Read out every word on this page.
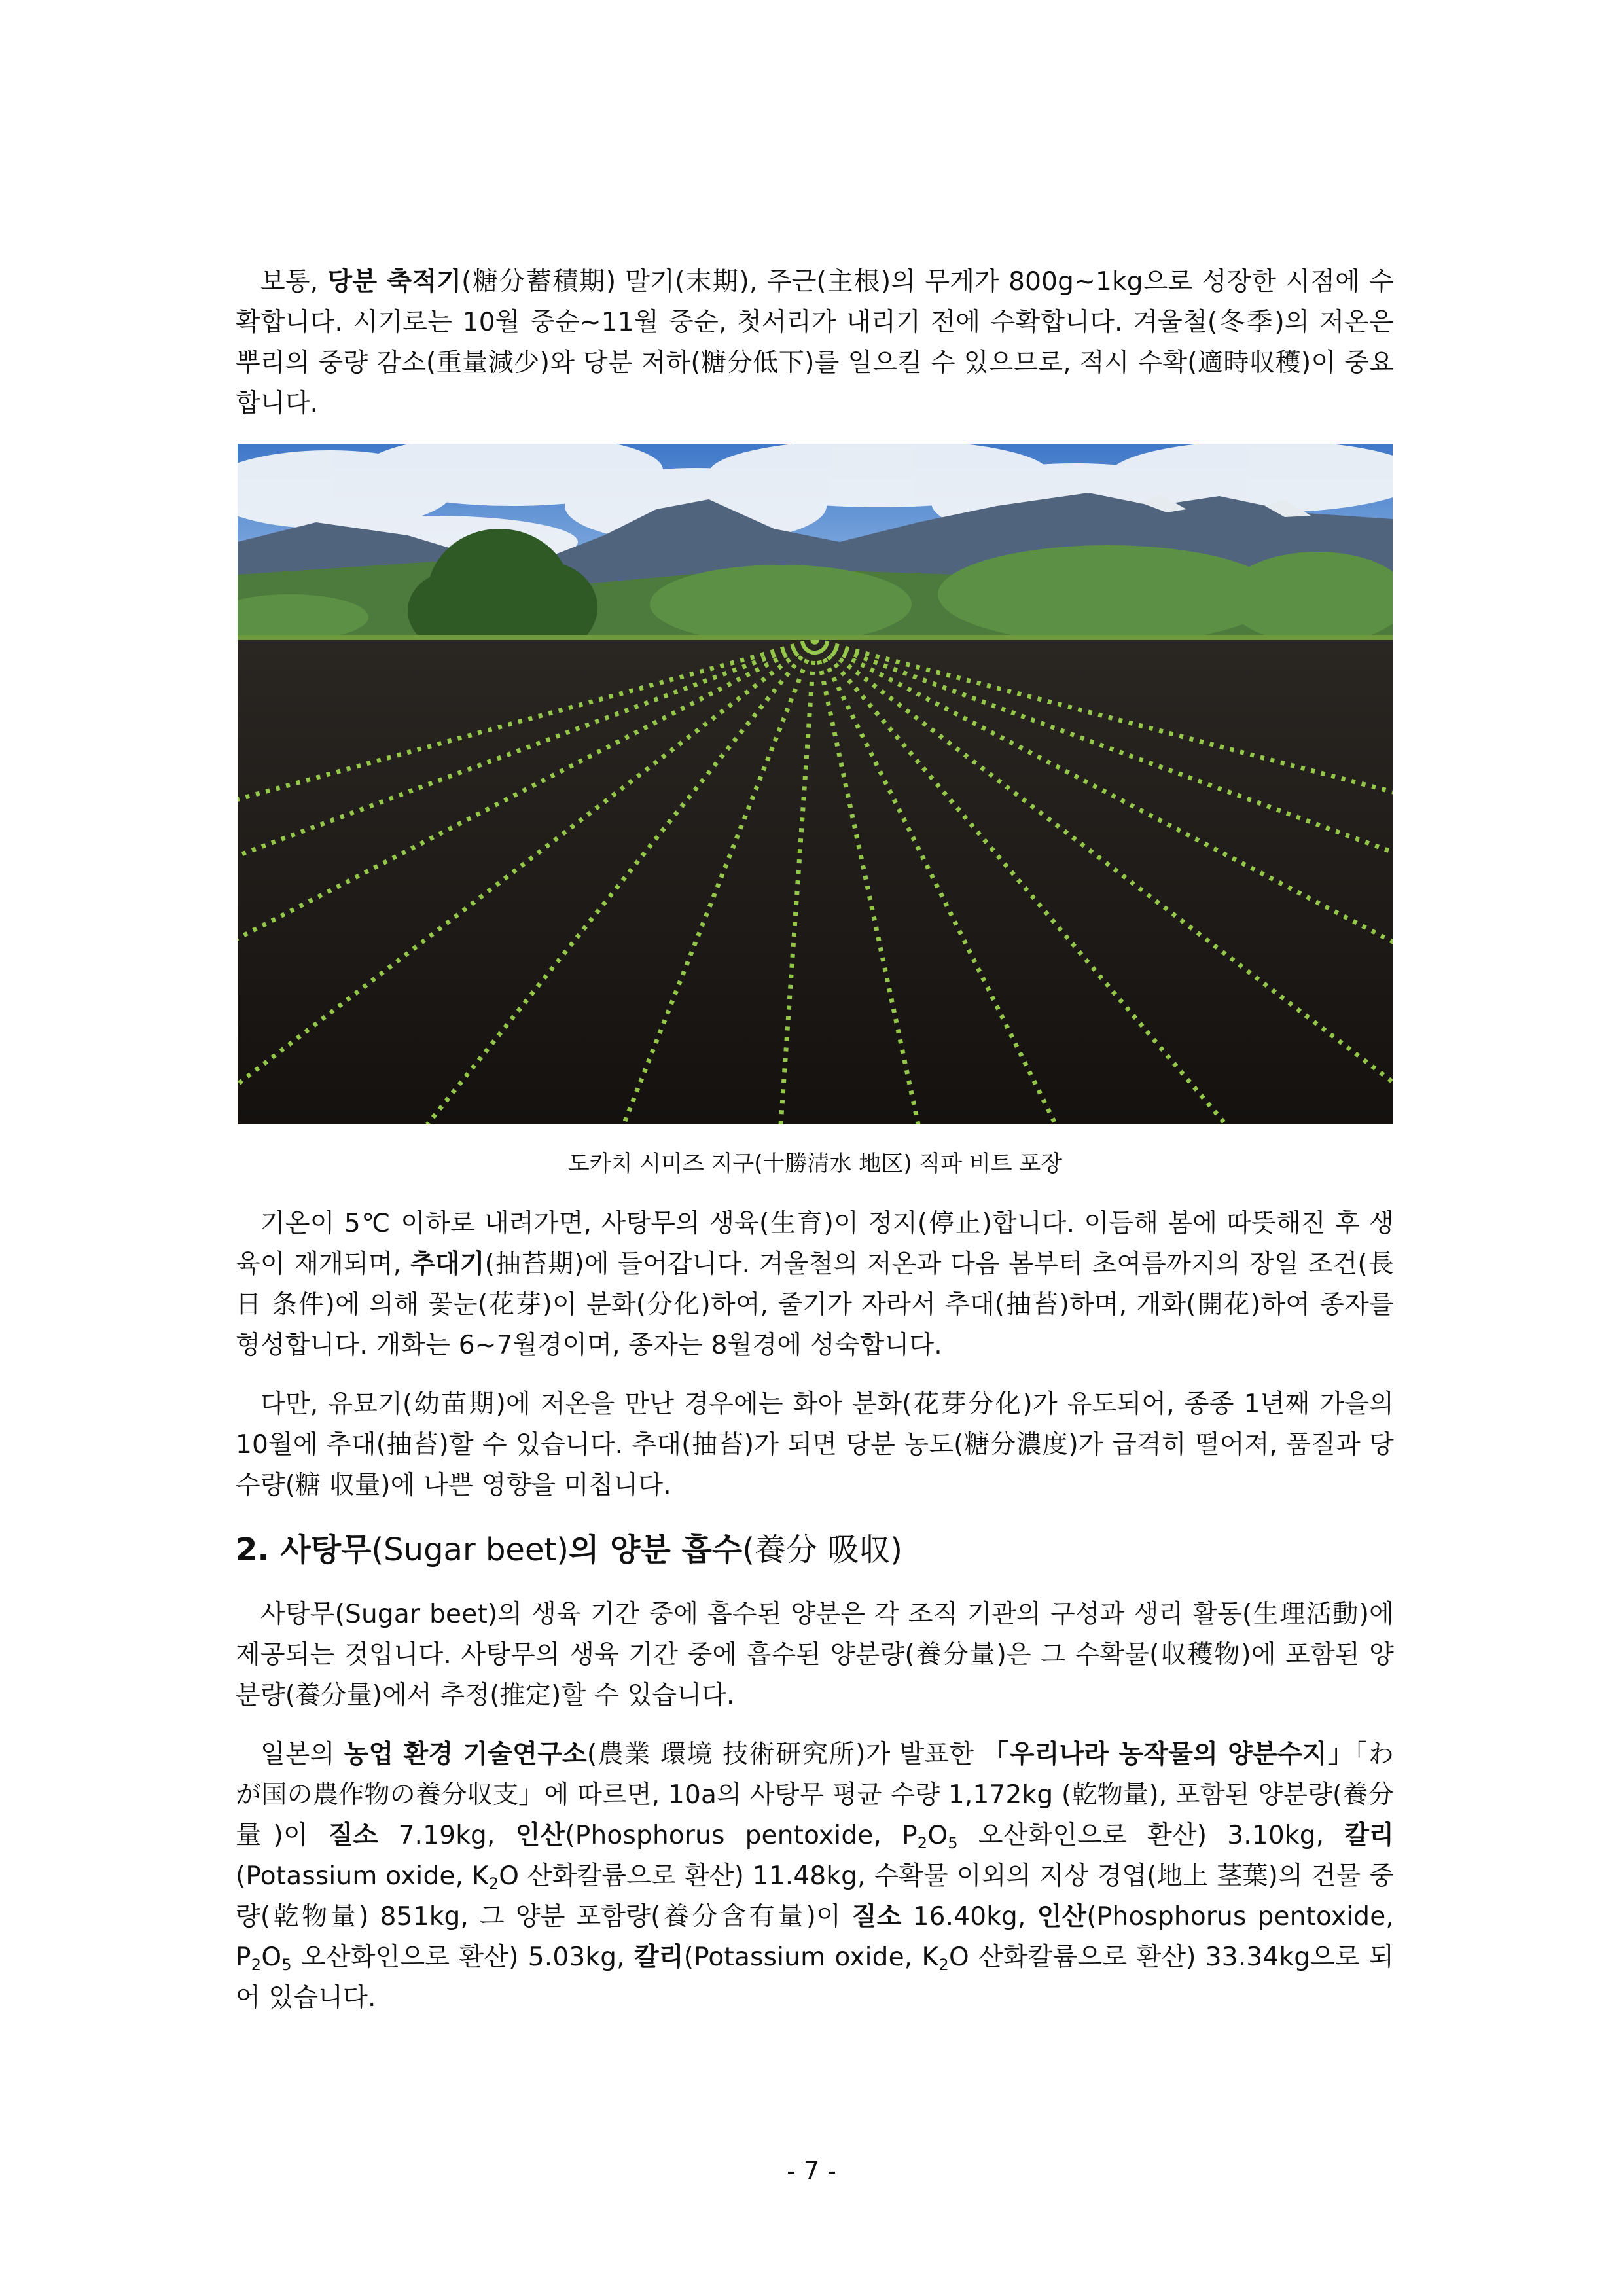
보통, 당분 축적기(糖分蓄積期) 말기(末期), 주근(主根)의 무게가 800g~1kg으로 성장한 시점에 수확합니다. 시기로는 10월 중순~11월 중순, 첫서리가 내리기 전에 수확합니다. 겨울철(冬季)의 저온은 뿌리의 중량 감소(重量減少)와 당분 저하(糖分低下)를 일으킬 수 있으므로, 적시 수확(適時収穫)이 중요합니다.

도카치 시미즈 지구(十勝清水 地区) 직파 비트 포장

기온이 5℃ 이하로 내려가면, 사탕무의 생육(生育)이 정지(停止)합니다. 이듬해 봄에 따뜻해진 후 생육이 재개되며, 추대기(抽苔期)에 들어갑니다. 겨울철의 저온과 다음 봄부터 초여름까지의 장일 조건(長日 条件)에 의해 꽃눈(花芽)이 분화(分化)하여, 줄기가 자라서 추대(抽苔)하며, 개화(開花)하여 종자를 형성합니다. 개화는 6~7월경이며, 종자는 8월경에 성숙합니다.

다만, 유묘기(幼苗期)에 저온을 만난 경우에는 화아 분화(花芽分化)가 유도되어, 종종 1년째 가을의 10월에 추대(抽苔)할 수 있습니다. 추대(抽苔)가 되면 당분 농도(糖分濃度)가 급격히 떨어져, 품질과 당 수량(糖 収量)에 나쁜 영향을 미칩니다.

2. 사탕무(Sugar beet)의 양분 흡수(養分 吸収)

사탕무(Sugar beet)의 생육 기간 중에 흡수된 양분은 각 조직 기관의 구성과 생리 활동(生理活動)에 제공되는 것입니다. 사탕무의 생육 기간 중에 흡수된 양분량(養分量)은 그 수확물(収穫物)에 포함된 양분량(養分量)에서 추정(推定)할 수 있습니다.

일본의 농업 환경 기술연구소(農業 環境 技術研究所)가 발표한 「우리나라 농작물의 양분수지」「わが国の農作物の養分収支」에 따르면, 10a의 사탕무 평균 수량 1,172kg (乾物量), 포함된 양분량(養分量)이 질소 7.19kg, 인산(Phosphorus pentoxide, $P_2O_5$ 오산화인으로 환산) 3.10kg, 칼리(Potassium oxide, $K_2O$ 산화칼륨으로 환산) 11.48kg, 수확물 이외의 지상 경엽(地上 茎葉)의 건물 중량(乾物量) 851kg, 그 양분 포함량(養分含有量)이 질소 16.40kg, 인산(Phosphorus pentoxide, $P_2O_5$ 오산화인으로 환산) 5.03kg, 칼리(Potassium oxide, $K_2O$ 산화칼륨으로 환산) 33.34kg으로 되어 있습니다.

- 7 -
